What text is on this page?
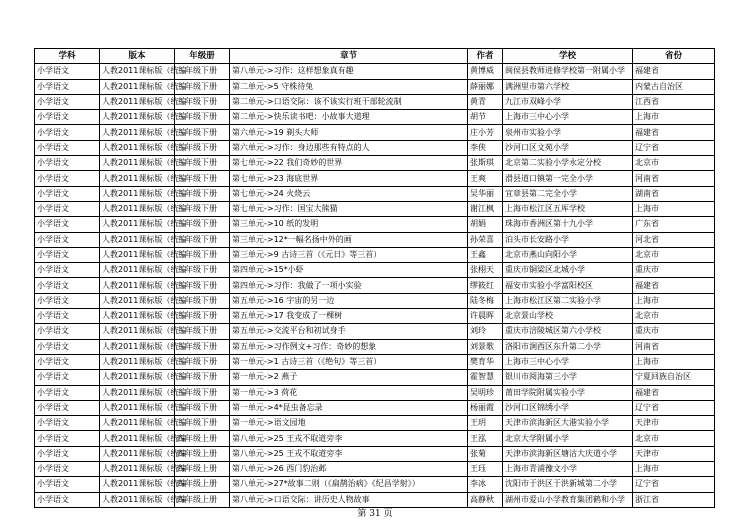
学科	版本	年级册	章节	作者	学校	省份
小学语文	人教2011课标版（统编	三年级下册	第八单元->习作：这样想象真有趣	黄博威	闽侯县教师进修学校第一附属小学	福建省
小学语文	人教2011课标版（统编	三年级下册	第二单元->5 守株待兔	薛丽娜	满洲里市第六学校	内蒙古自治区
小学语文	人教2011课标版（统编	三年级下册	第二单元->口语交际：该不该实行班干部轮流制	黄青	九江市双峰小学	江西省
小学语文	人教2011课标版（统编	三年级下册	第二单元->快乐读书吧：小故事大道理	胡节	上海市三中心小学	上海市
小学语文	人教2011课标版（统编	三年级下册	第六单元->19 剃头大师	庄小芳	泉州市实验小学	福建省
小学语文	人教2011课标版（统编	三年级下册	第六单元->习作：身边那些有特点的人	李侠	沙河口区文苑小学	辽宁省
小学语文	人教2011课标版（统编	三年级下册	第七单元->22 我们奇妙的世界	张斯琪	北京第二实验小学永定分校	北京市
小学语文	人教2011课标版（统编	三年级下册	第七单元->23 海底世界	王爽	滑县道口镇第一完全小学	河南省
小学语文	人教2011课标版（统编	三年级下册	第七单元->24 火烧云	吴华丽	宜章县第二完全小学	湖南省
小学语文	人教2011课标版（统编	三年级下册	第七单元->习作：国宝大熊猫	谢江枫	上海市松江区五厍学校	上海市
小学语文	人教2011课标版（统编	三年级下册	第三单元->10 纸的发明	胡娟	珠海市香洲区第十九小学	广东省
小学语文	人教2011课标版（统编	三年级下册	第三单元->12*一幅名扬中外的画	孙荣喜	泊头市长安路小学	河北省
小学语文	人教2011课标版（统编	三年级下册	第三单元->9 古诗三首（《元日》等三首）	王鑫	北京市燕山向阳小学	北京市
小学语文	人教2011课标版（统编	三年级下册	第四单元->15*小虾	张栩天	重庆市铜梁区北城小学	重庆市
小学语文	人教2011课标版（统编	三年级下册	第四单元->习作：我做了一项小实验	缪筱红	福安市实验小学富阳校区	福建省
小学语文	人教2011课标版（统编	三年级下册	第五单元->16 宇宙的另一边	陆冬梅	上海市松江区第二实验小学	上海市
小学语文	人教2011课标版（统编	三年级下册	第五单元->17 我变成了一棵树	许晨晖	北京景山学校	北京市
小学语文	人教2011课标版（统编	三年级下册	第五单元->交流平台和初试身手	刘玲	重庆市涪陵城区第六小学校	重庆市
小学语文	人教2011课标版（统编	三年级下册	第五单元->习作例文+习作：奇妙的想象	刘景歌	洛阳市涧西区东升第二小学	河南省
小学语文	人教2011课标版（统编	三年级下册	第一单元->1 古诗三首（《绝句》等三首）	樊育华	上海市三中心小学	上海市
小学语文	人教2011课标版（统编	三年级下册	第一单元->2 燕子	霍智慧	银川市阅海第三小学	宁夏回族自治区
小学语文	人教2011课标版（统编	三年级下册	第一单元->3 荷花	吴明珍	莆田学院附属实验小学	福建省
小学语文	人教2011课标版（统编	三年级下册	第一单元->4*昆虫备忘录	杨丽霞	沙河口区锦绣小学	辽宁省
小学语文	人教2011课标版（统编	三年级下册	第一单元->语文园地	王玥	天津市滨海新区大港实验小学	天津市
小学语文	人教2011课标版（统编	四年级上册	第八单元->25 王戎不取道旁李	王泓	北京大学附属小学	北京市
小学语文	人教2011课标版（统编	四年级上册	第八单元->25 王戎不取道旁李	张菊	天津市滨海新区塘沽大庆道小学	天津市
小学语文	人教2011课标版（统编	四年级上册	第八单元->26 西门豹治邺	王珏	上海市青浦豫文小学	上海市
小学语文	人教2011课标版（统编	四年级上册	第八单元->27*故事二则（《扁鹊治病》《纪昌学射》）	李冰	沈阳市于洪区于洪新城第二小学	辽宁省
小学语文	人教2011课标版（统编	四年级上册	第八单元->口语交际：讲历史人物故事	高静秋	湖州市爱山小学教育集团鹤和小学	浙江省
第 31 页
